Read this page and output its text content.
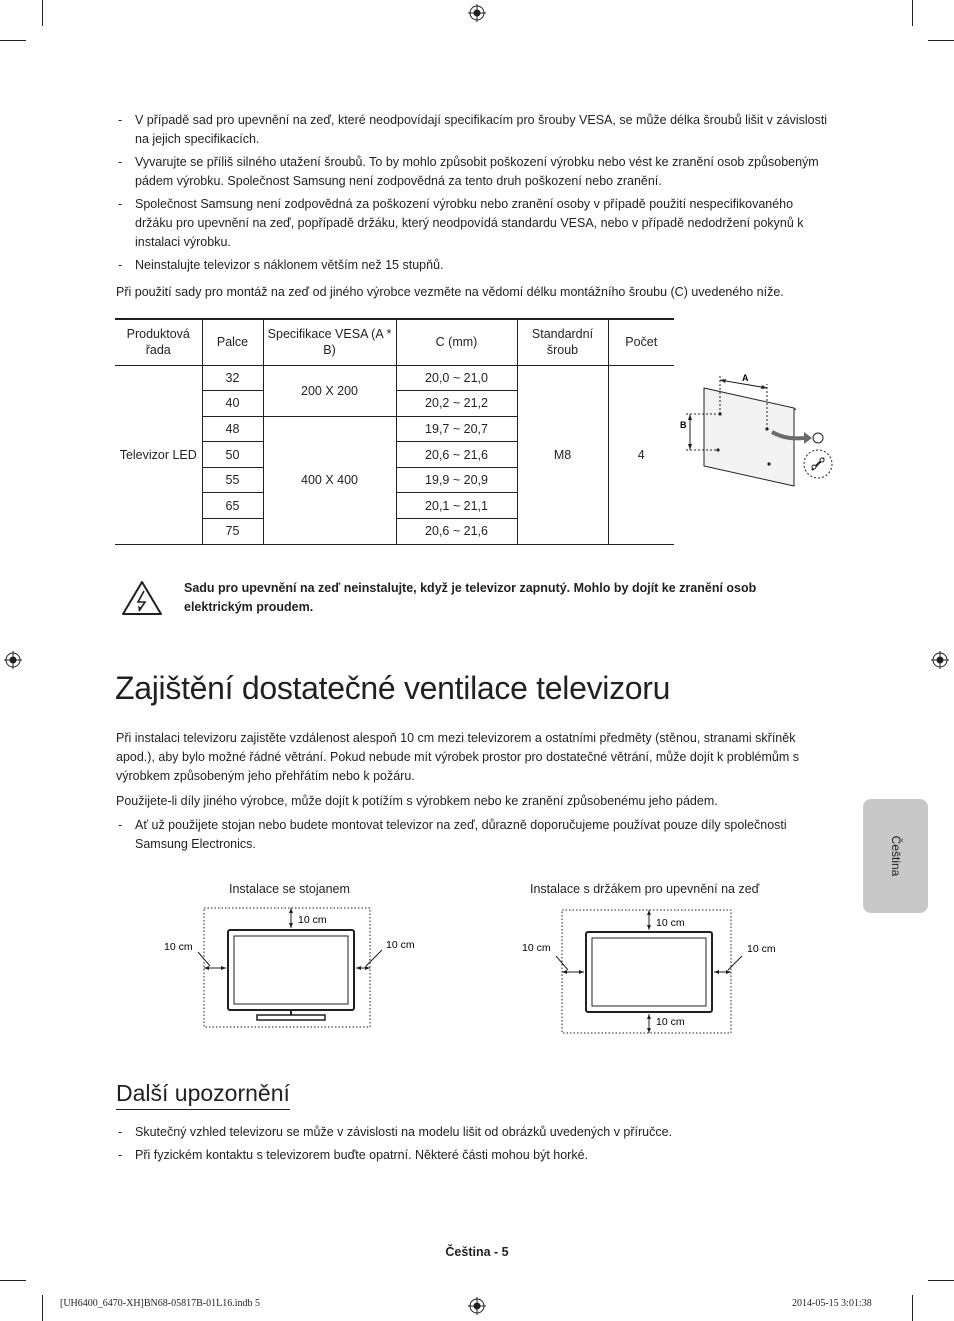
- V případě sad pro upevnění na zeď, které neodpovídají specifikacím pro šrouby VESA, se může délka šroubů lišit v závislosti na jejich specifikacích.
- Vyvarujte se příliš silného utažení šroubů. To by mohlo způsobit poškození výrobku nebo vést ke zranění osob způsobeným pádem výrobku. Společnost Samsung není zodpovědná za tento druh poškození nebo zranění.
- Společnost Samsung není zodpovědná za poškození výrobku nebo zranění osoby v případě použití nespecifikovaného držáku pro upevnění na zeď, popřípadě držáku, který neodpovídá standardu VESA, nebo v případě nedodržení pokynů k instalaci výrobku.
- Neinstalujte televizor s náklonem větším než 15 stupňů.

Při použití sady pro montáž na zeď od jiného výrobce vezměte na vědomí délku montážního šroubu (C) uvedeného níže.

Produktová řada	Palce	Specifikace VESA (A * B)	C (mm)	Standardní šroub	Počet
Televizor LED	32	200 X 200	20,0 ~ 21,0	M8	4
	40		20,2 ~ 21,2		
	48	400 X 400	19,7 ~ 20,7		
	50		20,6 ~ 21,6		
	55		19,9 ~ 20,9		
	65		20,1 ~ 21,1		
	75		20,6 ~ 21,6		
A
B

Sadu pro upevnění na zeď neinstalujte, když je televizor zapnutý. Mohlo by dojít ke zranění osob elektrickým proudem.

Zajištění dostatečné ventilace televizoru

Při instalaci televizoru zajistěte vzdálenost alespoň 10 cm mezi televizorem a ostatními předměty (stěnou, stranami skříněk apod.), aby bylo možné řádné větrání. Pokud nebude mít výrobek prostor pro dostatečné větrání, může dojít k problémům s výrobkem způsobeným jeho přehřátím nebo k požáru.

Použijete-li díly jiného výrobce, může dojít k potížím s výrobkem nebo ke zranění způsobenému jeho pádem.

- Ať už použijete stojan nebo budete montovat televizor na zeď, důrazně doporučujeme používat pouze díly společnosti Samsung Electronics.
Instalace se stojanem	Instalace s držákem pro upevnění na zeď
10 cm
10 cm	10 cm
10 cm
10 cm
10 cm	10 cm
Další upozornění
- Skutečný vzhled televizoru se může v závislosti na modelu lišit od obrázků uvedených v příručce.
- Při fyzickém kontaktu s televizorem buďte opatrní. Některé části mohou být horké.
Čeština
Čeština - 5
[UH6400_6470-XH]BN68-05817B-01L16.indb 5	2014-05-15 3:01:38
